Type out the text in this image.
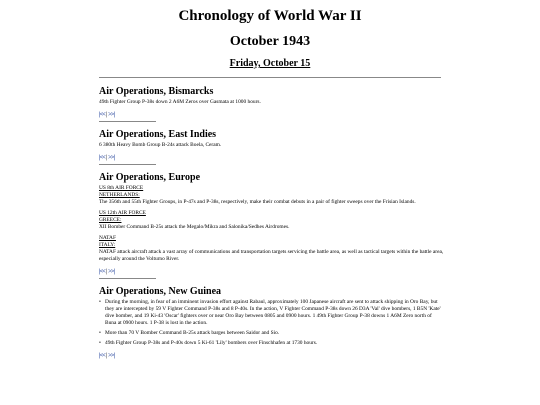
Chronology of World War II
October 1943
Friday, October 15
Air Operations, Bismarcks

49th Fighter Group P-38s down 2 A6M Zeros over Gasmata at 1000 hours.

|<< | >>|
Air Operations, East Indies

6 380th Heavy Bomb Group B-24s attack Boela, Ceram.

|<< | >>|
Air Operations, Europe
US 8th AIR FORCE
NETHERLANDS:

The 356th and 55th Fighter Groups, in P-47s and P-38s, respectively, make their combat debuts in a pair of fighter sweeps over the Frisian Islands.

US 12th AIR FORCE
GREECE:

XII Bomber Command B-25s attack the Megalo/Mikra and Salonika/Sedhes Airdromes.

NATAF
ITALY:

NATAF attack aircraft attack a vast array of communications and transportation targets servicing the battle area, as well as tactical targets within the battle area, especially around the Volturno River.

|<< | >>|
Air Operations, New Guinea
• During the morning, in fear of an imminent invasion effort against Rabaul, approximately 100 Japanese aircraft are sent to attack shipping in Oro Bay, but they are intercepted by 59 V Fighter Command P-38s and 8 P-40s. In the action, V Fighter Command P-38s down 26 D3A 'Val' dive bombers, 1 B5N 'Kate' dive bomber, and 19 Ki-43 'Oscar' fighters over or near Oro Bay between 0805 and 0900 hours. 1 49th Fighter Group P-38 downs 1 A6M Zero north of Buna at 0900 hours. 1 P-38 is lost in the action.
• More than 70 V Bomber Command B-25s attack barges between Saidor and Sio.
• 49th Fighter Group P-38s and P-40s down 5 Ki-61 'Lily' bombers over Finschhafen at 1730 hours.
|<< | >>|
